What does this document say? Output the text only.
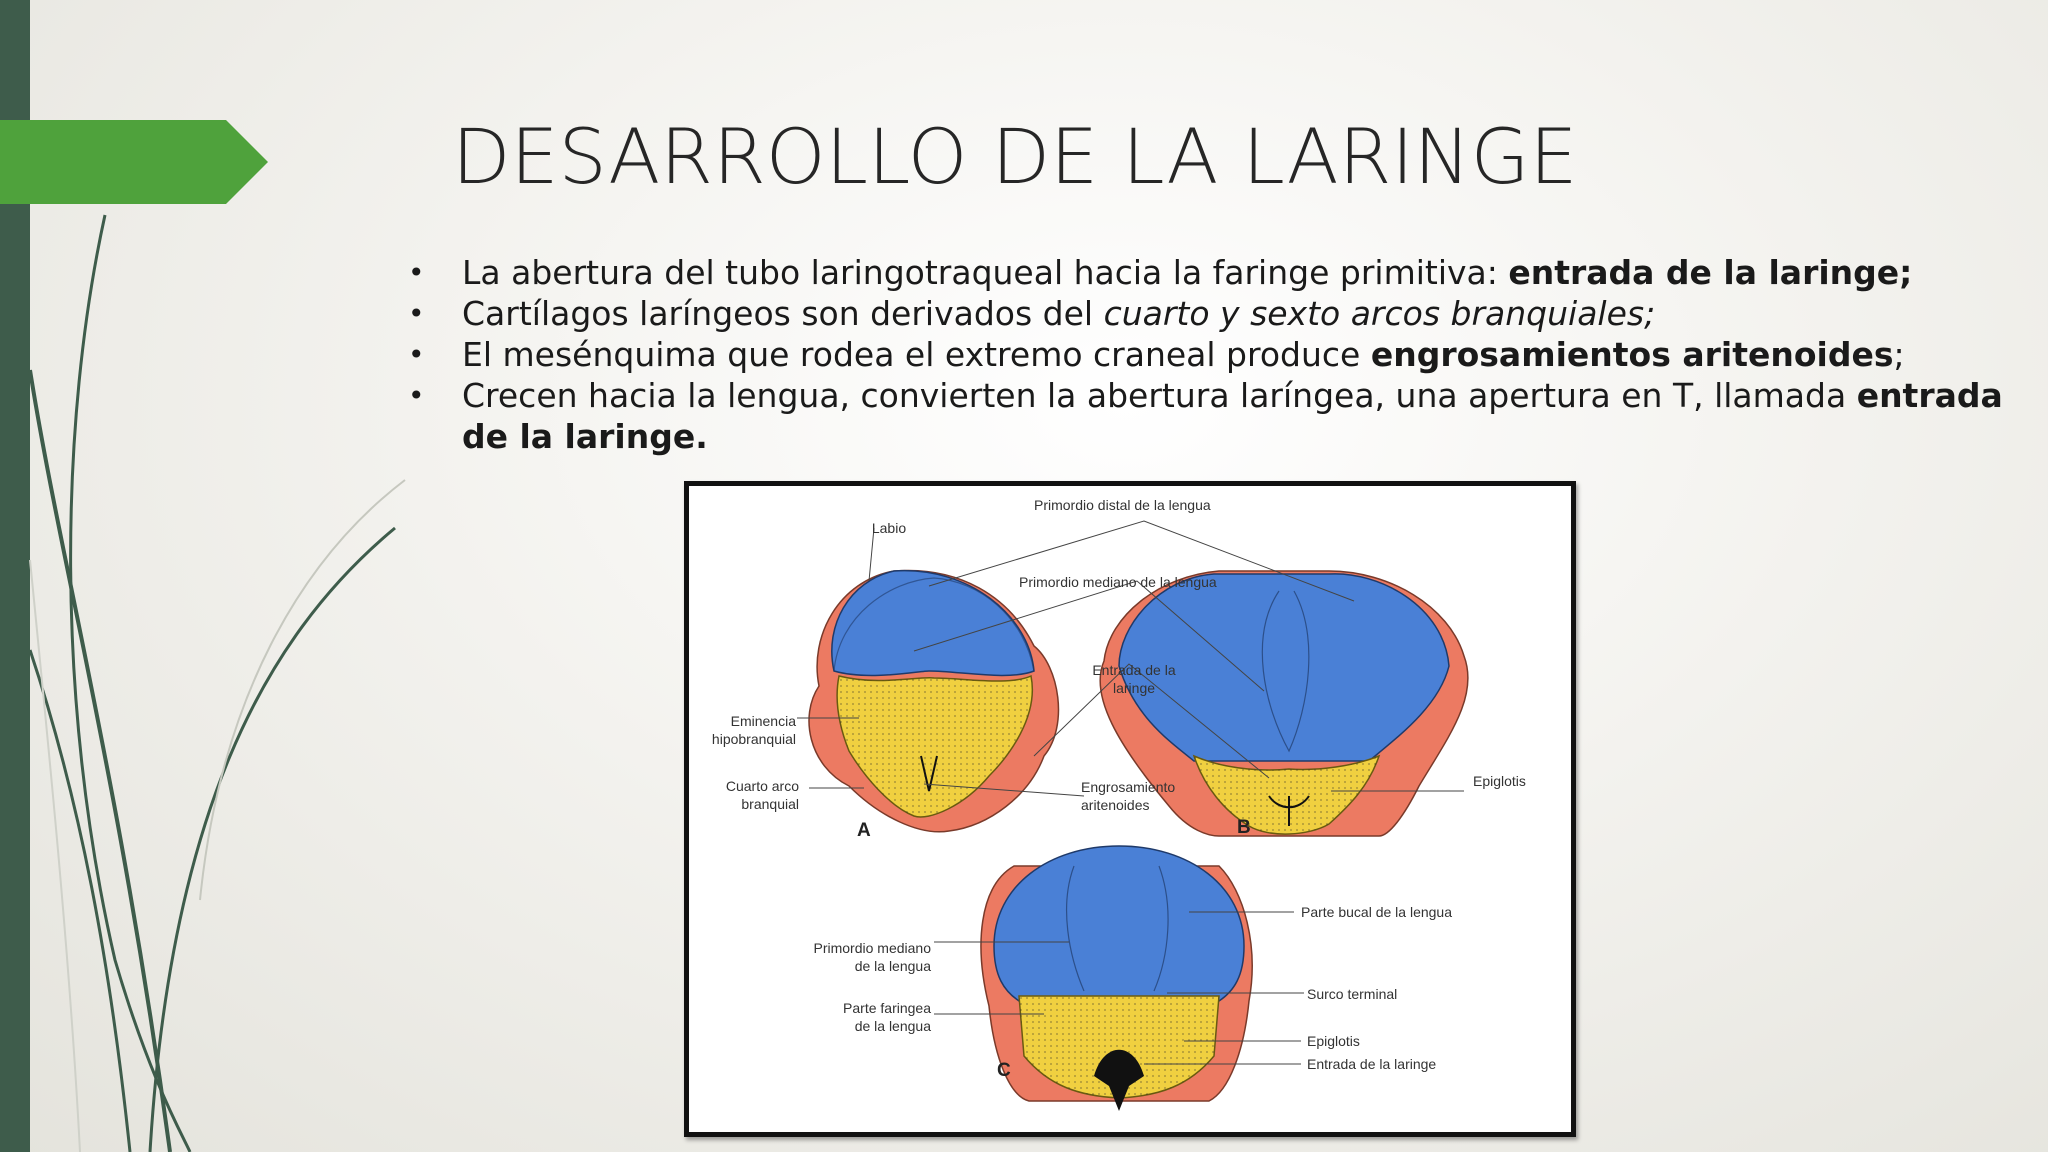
DESARROLLO DE LA LARINGE
• La abertura del tubo laringotraqueal hacia la faringe primitiva: entrada de la laringe;
• Cartílagos laríngeos son derivados del cuarto y sexto arcos branquiales;
• El mesénquima que rodea el extremo craneal produce engrosamientos aritenoides;
• Crecen hacia la lengua, convierten la abertura laríngea, una apertura en T, llamada entrada de la laringe.
A	B
C
Primordio distal de la lengua
Labio
Primordio mediano de la lengua
Entrada de la
laringe
Eminencia
hipobranquial
Cuarto arco
branquial
Engrosamiento
aritenoides
Epiglotis
Parte bucal de la lengua
Primordio mediano
de la lengua
Surco terminal
Parte faringea
de la lengua
Epiglotis
Entrada de la laringe
